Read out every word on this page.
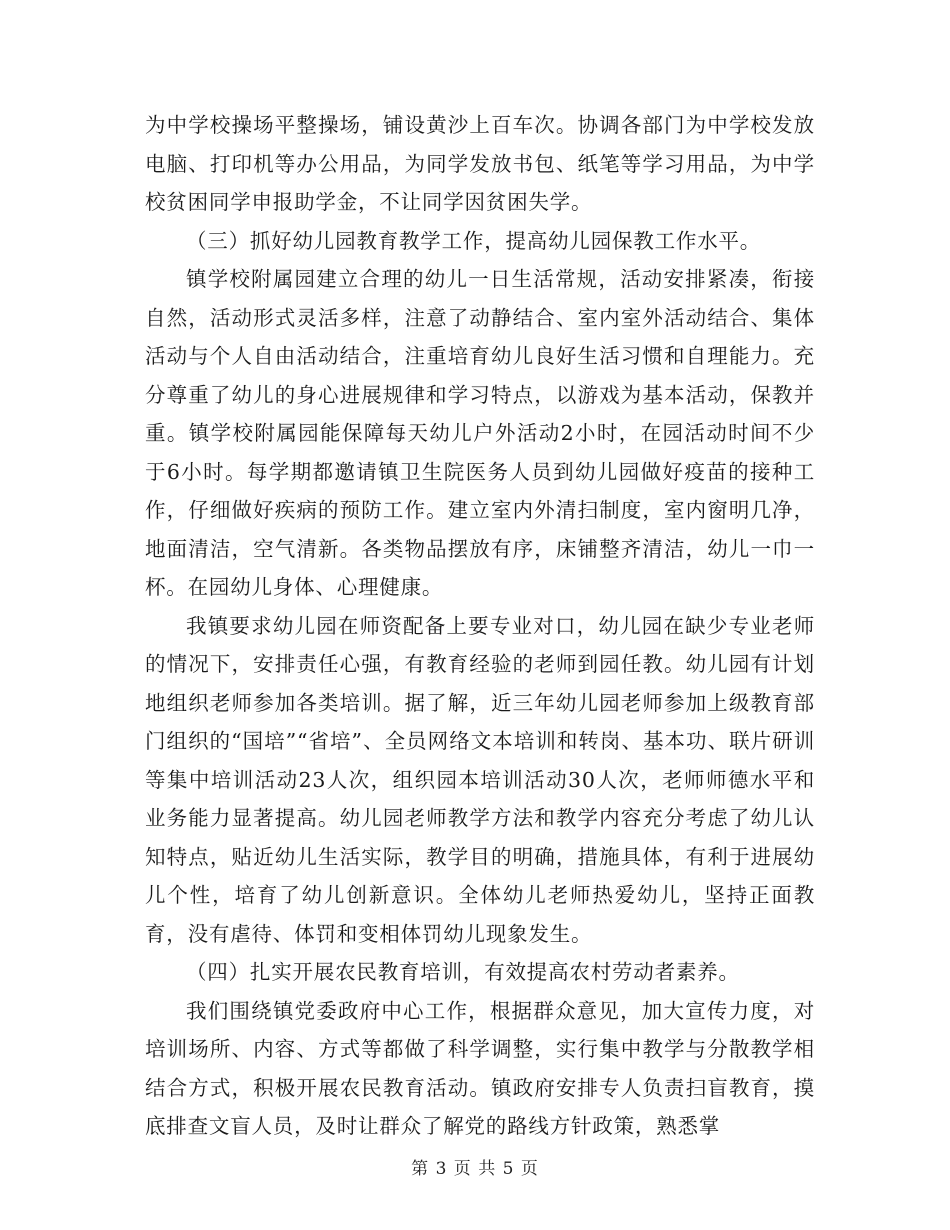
为中学校操场平整操场，铺设黄沙上百车次。协调各部门为中学校发放电脑、打印机等办公用品，为同学发放书包、纸笔等学习用品，为中学校贫困同学申报助学金，不让同学因贫困失学。

（三）抓好幼儿园教育教学工作，提高幼儿园保教工作水平。

镇学校附属园建立合理的幼儿一日生活常规，活动安排紧凑，衔接自然，活动形式灵活多样，注意了动静结合、室内室外活动结合、集体活动与个人自由活动结合，注重培育幼儿良好生活习惯和自理能力。充分尊重了幼儿的身心进展规律和学习特点，以游戏为基本活动，保教并重。镇学校附属园能保障每天幼儿户外活动2小时，在园活动时间不少于6小时。每学期都邀请镇卫生院医务人员到幼儿园做好疫苗的接种工作，仔细做好疾病的预防工作。建立室内外清扫制度，室内窗明几净，地面清洁，空气清新。各类物品摆放有序，床铺整齐清洁，幼儿一巾一杯。在园幼儿身体、心理健康。

我镇要求幼儿园在师资配备上要专业对口，幼儿园在缺少专业老师的情况下，安排责任心强，有教育经验的老师到园任教。幼儿园有计划地组织老师参加各类培训。据了解，近三年幼儿园老师参加上级教育部门组织的“国培”“省培”、全员网络文本培训和转岗、基本功、联片研训等集中培训活动23人次，组织园本培训活动30人次，老师师德水平和业务能力显著提高。幼儿园老师教学方法和教学内容充分考虑了幼儿认知特点，贴近幼儿生活实际，教学目的明确，措施具体，有利于进展幼儿个性，培育了幼儿创新意识。全体幼儿老师热爱幼儿，坚持正面教育，没有虐待、体罚和变相体罚幼儿现象发生。

（四）扎实开展农民教育培训，有效提高农村劳动者素养。

我们围绕镇党委政府中心工作，根据群众意见，加大宣传力度，对培训场所、内容、方式等都做了科学调整，实行集中教学与分散教学相结合方式，积极开展农民教育活动。镇政府安排专人负责扫盲教育，摸底排查文盲人员，及时让群众了解党的路线方针政策，熟悉掌

第 3 页 共 5 页
